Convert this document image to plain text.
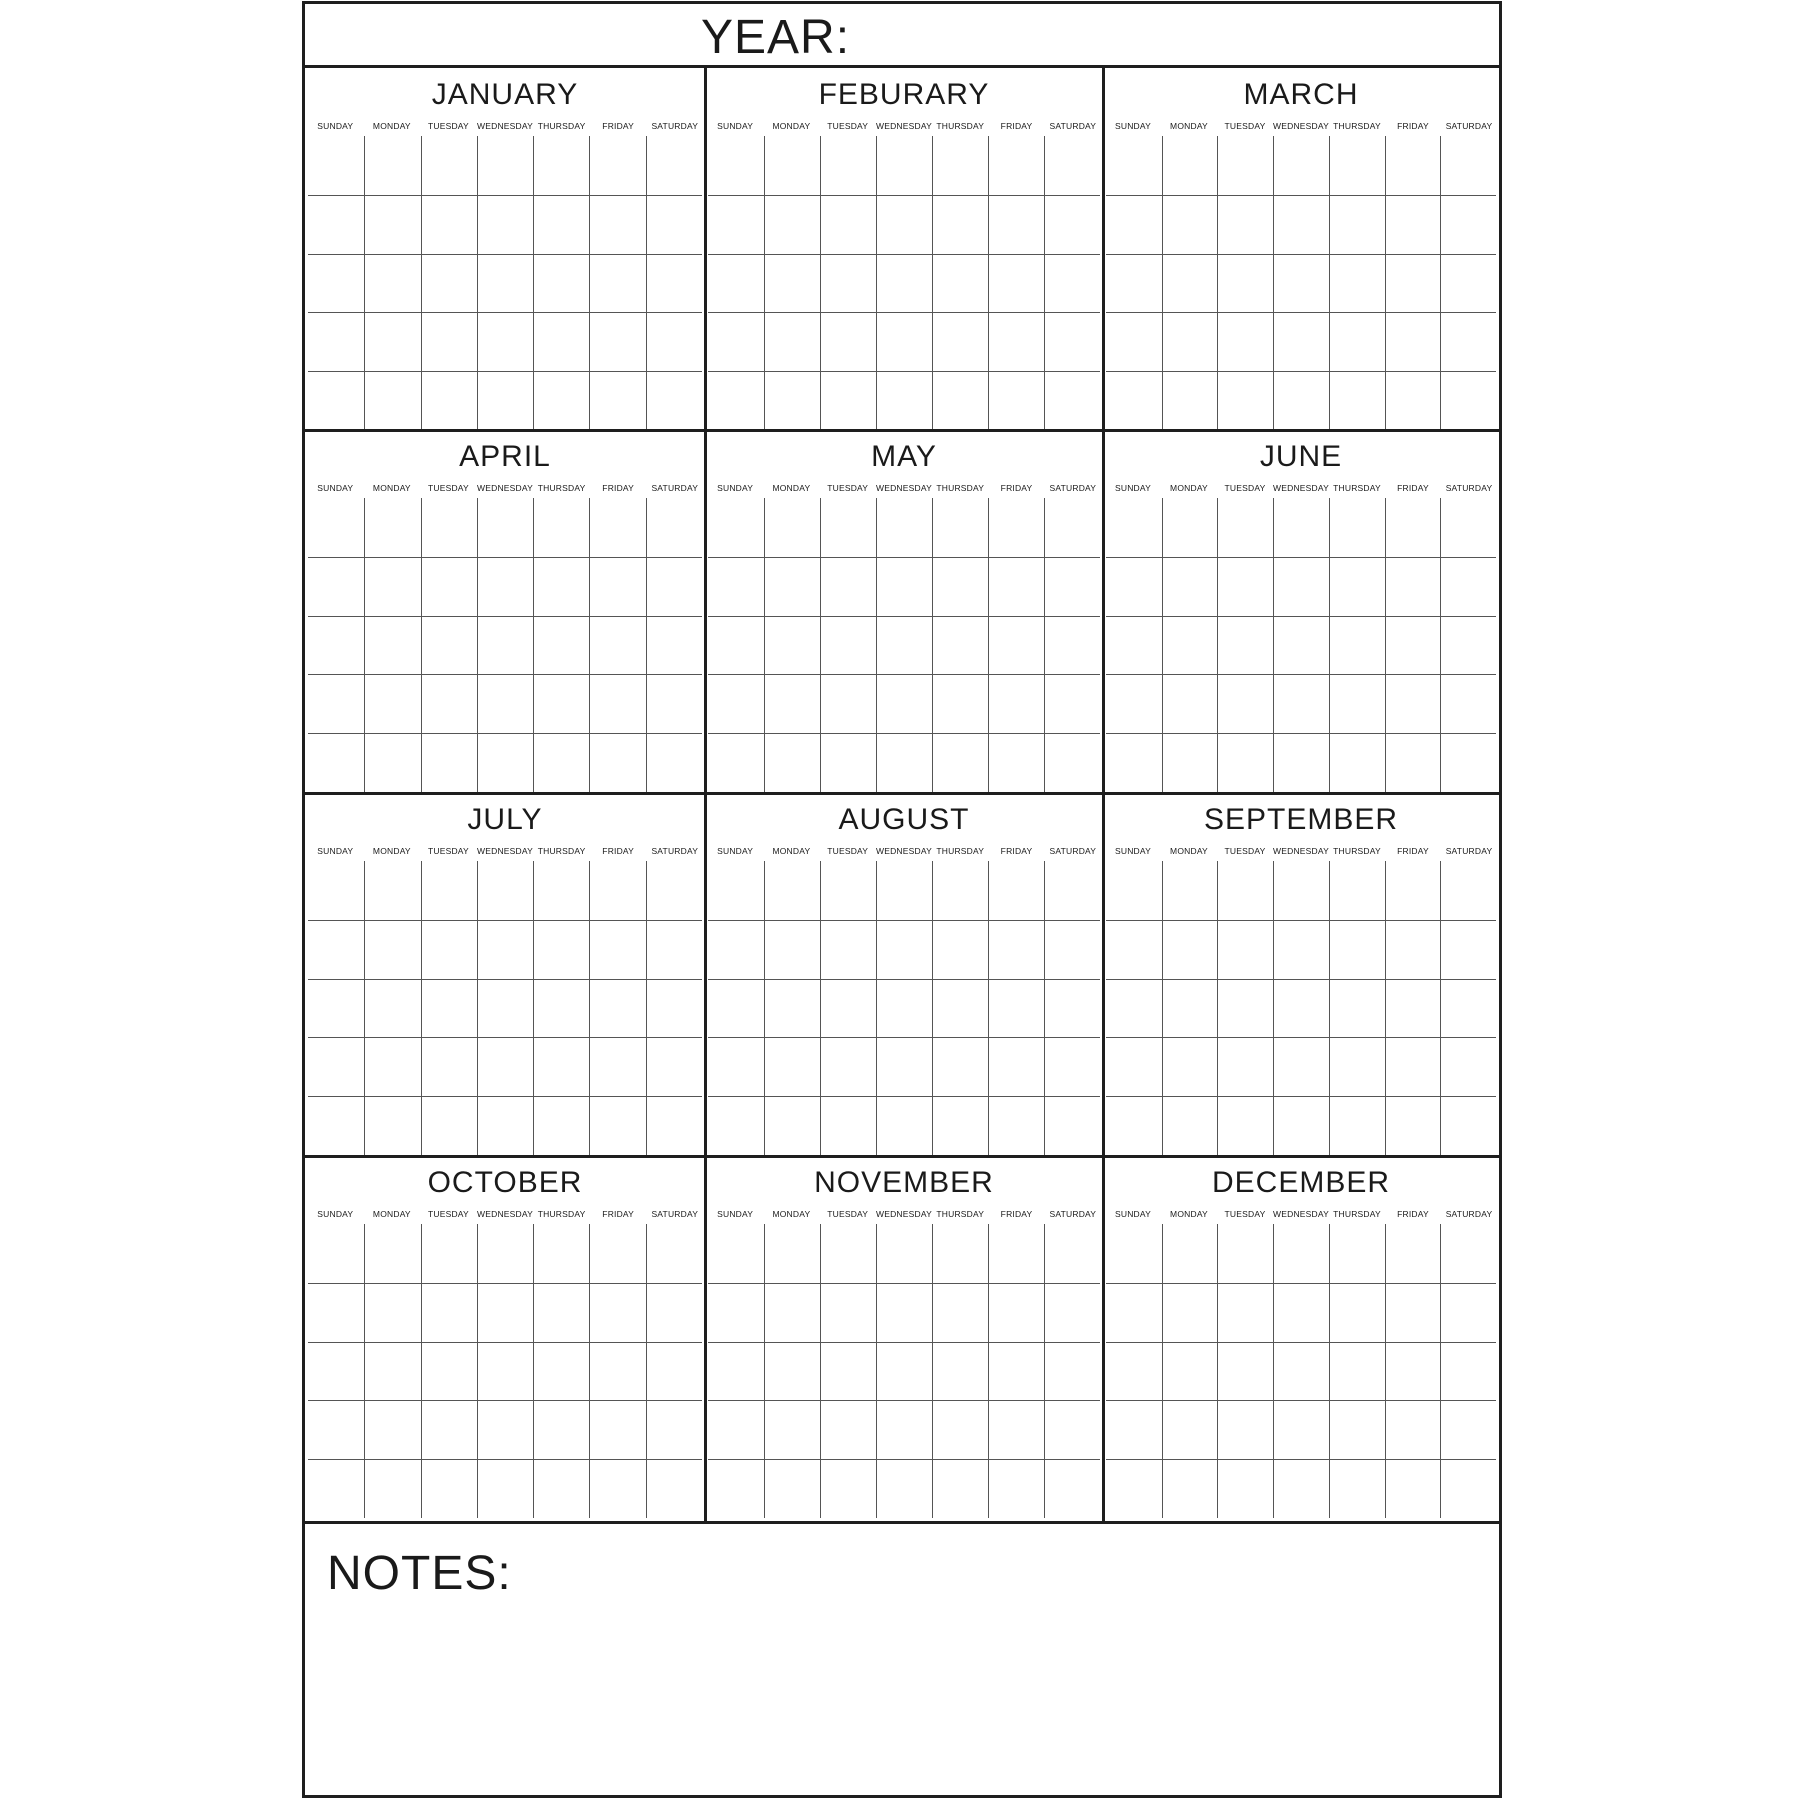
YEAR:
JANUARY
SUNDAY	MONDAY	TUESDAY WEDNESDAY THURSDAY	FRIDAY	SATURDAY
FEBURARY
SUNDAY	MONDAY	TUESDAY WEDNESDAY THURSDAY	FRIDAY	SATURDAY
MARCH
SUNDAY	MONDAY	TUESDAY WEDNESDAY THURSDAY	FRIDAY	SATURDAY
APRIL
SUNDAY	MONDAY	TUESDAY WEDNESDAY THURSDAY	FRIDAY	SATURDAY
MAY
SUNDAY	MONDAY	TUESDAY WEDNESDAY THURSDAY	FRIDAY	SATURDAY
JUNE
SUNDAY	MONDAY	TUESDAY WEDNESDAY THURSDAY	FRIDAY	SATURDAY
JULY
SUNDAY	MONDAY	TUESDAY WEDNESDAY THURSDAY	FRIDAY	SATURDAY
AUGUST
SUNDAY	MONDAY	TUESDAY WEDNESDAY THURSDAY	FRIDAY	SATURDAY
SEPTEMBER
SUNDAY	MONDAY	TUESDAY WEDNESDAY THURSDAY	FRIDAY	SATURDAY
OCTOBER
SUNDAY	MONDAY	TUESDAY WEDNESDAY THURSDAY	FRIDAY	SATURDAY
NOVEMBER
SUNDAY	MONDAY	TUESDAY WEDNESDAY THURSDAY	FRIDAY	SATURDAY
DECEMBER
SUNDAY	MONDAY	TUESDAY WEDNESDAY THURSDAY	FRIDAY	SATURDAY
NOTES:
